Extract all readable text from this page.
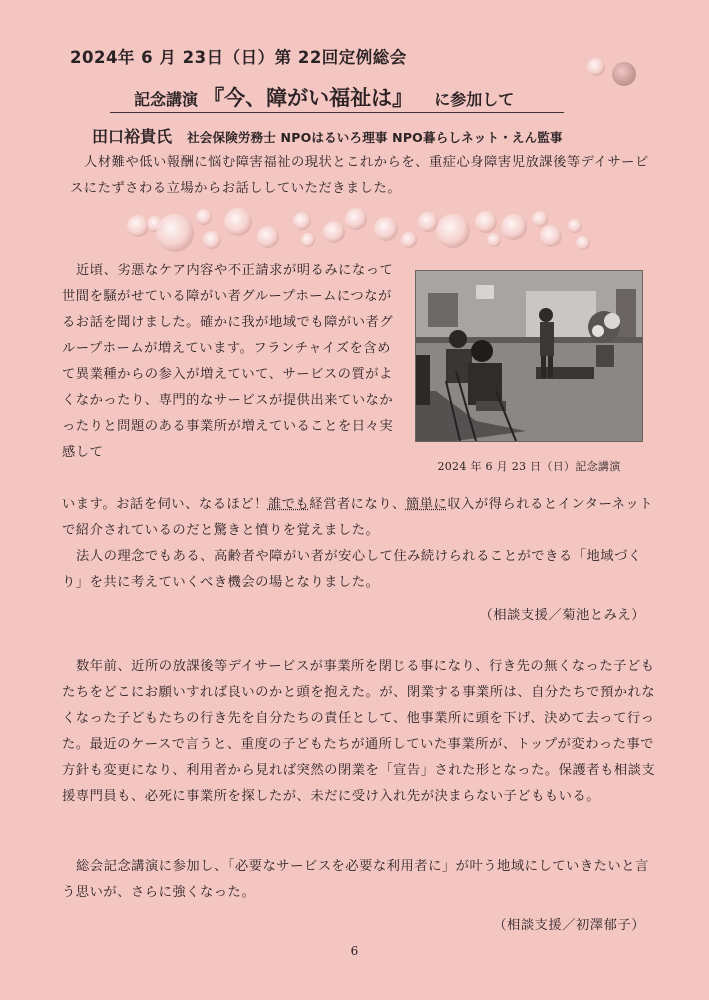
2024年 6 月 23日（日）第 22回定例総会
記念講演 『今、障がい福祉は』 に参加して
田口裕貴氏 社会保険労務士 NPOはるいろ理事 NPO暮らしネット・えん監事

人材難や低い報酬に悩む障害福祉の現状とこれからを、重症心身障害児放課後等デイサービスにたずさわる立場からお話ししていただきました。

近頃、劣悪なケア内容や不正請求が明るみになって世間を騒がせている障がい者グループホームにつながるお話を聞けました。確かに我が地域でも障がい者グループホームが増えています。フランチャイズを含めて異業種からの参入が増えていて、サービスの質がよくなかったり、専門的なサービスが提供出来ていなかったりと問題のある事業所が増えていることを日々実感して

2024 年 6 月 23 日（日）記念講演

います。お話を伺い、なるほど！誰でも経営者になり、簡単に収入が得られるとインターネットで紹介されているのだと驚きと憤りを覚えました。

法人の理念でもある、高齢者や障がい者が安心して住み続けられることができる「地域づくり」を共に考えていくべき機会の場となりました。

（相談支援／菊池とみえ）

数年前、近所の放課後等デイサービスが事業所を閉じる事になり、行き先の無くなった子どもたちをどこにお願いすれば良いのかと頭を抱えた。が、閉業する事業所は、自分たちで預かれなくなった子どもたちの行き先を自分たちの責任として、他事業所に頭を下げ、決めて去って行った。最近のケースで言うと、重度の子どもたちが通所していた事業所が、トップが変わった事で方針も変更になり、利用者から見れば突然の閉業を「宣告」された形となった。保護者も相談支援専門員も、必死に事業所を探したが、未だに受け入れ先が決まらない子どももいる。

総会記念講演に参加し、「必要なサービスを必要な利用者に」が叶う地域にしていきたいと言う思いが、さらに強くなった。

（相談支援／初澤郁子）
6
